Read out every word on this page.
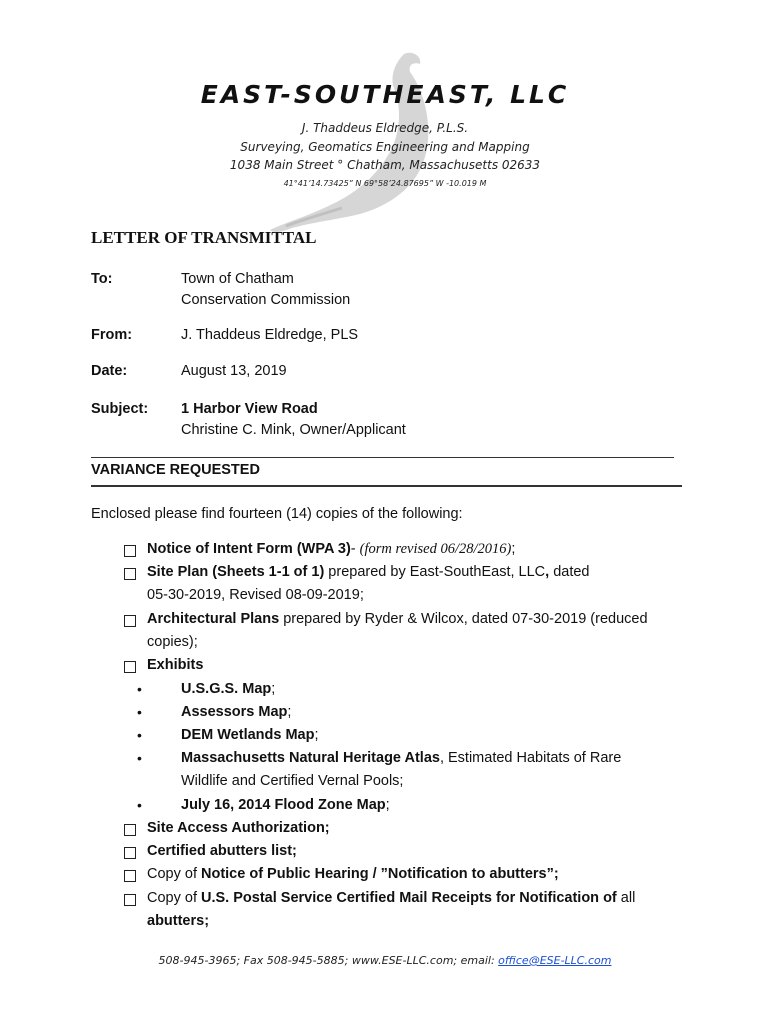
EAST-SOUTHEAST, LLC
J. Thaddeus Eldredge, P.L.S.
Surveying, Geomatics Engineering and Mapping
1038 Main Street ° Chatham, Massachusetts 02633
41°41’14.73425” N 69°58’24.87695” W -10.019 M
LETTER OF TRANSMITTAL
To:	Town of Chatham
Conservation Commission
From:	J. Thaddeus Eldredge, PLS
Date:	August 13, 2019
Subject: 1 Harbor View Road
Christine C. Mink, Owner/Applicant
VARIANCE REQUESTED
Enclosed please find fourteen (14) copies of the following:
Notice of Intent Form (WPA 3)- (form revised 06/28/2016);
Site Plan (Sheets 1-1 of 1) prepared by East-SouthEast, LLC, dated
05-30-2019, Revised 08-09-2019;
Architectural Plans prepared by Ryder & Wilcox, dated 07-30-2019 (reduced
copies);
Exhibits
•	U.S.G.S. Map;
•	Assessors Map;
•	DEM Wetlands Map;
•	Massachusetts Natural Heritage Atlas, Estimated Habitats of Rare
Wildlife and Certified Vernal Pools;
•	July 16, 2014 Flood Zone Map;
Site Access Authorization;
Certified abutters list;
Copy of Notice of Public Hearing / ”Notification to abutters”;
Copy of U.S. Postal Service Certified Mail Receipts for Notification of all
abutters;
508-945-3965; Fax 508-945-5885; www.ESE-LLC.com; email: office@ESE-LLC.com
